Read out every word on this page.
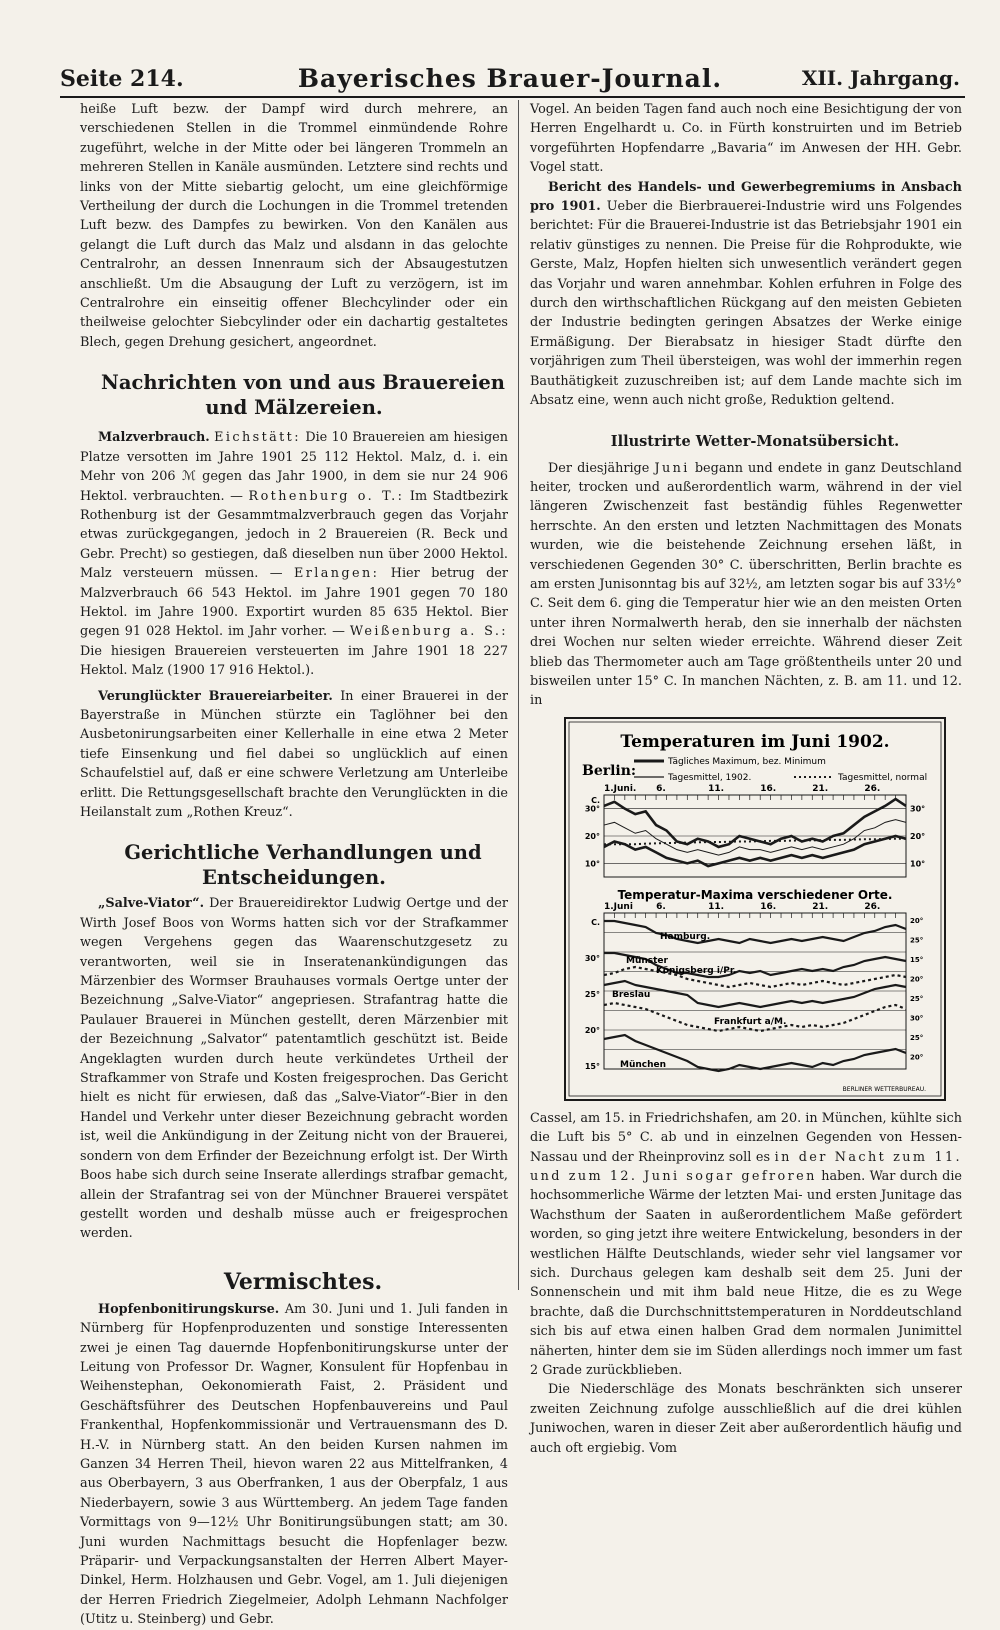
Seite 214.	Bayerisches Brauer-Journal.	XII. Jahrgang.

heiße Luft bezw. der Dampf wird durch mehrere, an verschiedenen Stellen in die Trommel einmündende Rohre zugeführt, welche in der Mitte oder bei längeren Trommeln an mehreren Stellen in Kanäle ausmünden. Letztere sind rechts und links von der Mitte siebartig gelocht, um eine gleichförmige Vertheilung der durch die Lochungen in die Trommel tretenden Luft bezw. des Dampfes zu bewirken. Von den Kanälen aus gelangt die Luft durch das Malz und alsdann in das gelochte Centralrohr, an dessen Innenraum sich der Absaugestutzen anschließt. Um die Absaugung der Luft zu verzögern, ist im Centralrohre ein einseitig offener Blechcylinder oder ein theilweise gelochter Siebcylinder oder ein dachartig gestaltetes Blech, gegen Drehung gesichert, angeordnet.

Nachrichten von und aus Brauereien und Mälzereien.

Malzverbrauch. Eichstätt: Die 10 Brauereien am hiesigen Platze versotten im Jahre 1901 25 112 Hektol. Malz, d. i. ein Mehr von 206 ℳ gegen das Jahr 1900, in dem sie nur 24 906 Hektol. verbrauchten. — Rothenburg o. T.: Im Stadtbezirk Rothenburg ist der Gesammtmalzverbrauch gegen das Vorjahr etwas zurückgegangen, jedoch in 2 Brauereien (R. Beck und Gebr. Precht) so gestiegen, daß dieselben nun über 2000 Hektol. Malz versteuern müssen. — Erlangen: Hier betrug der Malzverbrauch 66 543 Hektol. im Jahre 1901 gegen 70 180 Hektol. im Jahre 1900. Exportirt wurden 85 635 Hektol. Bier gegen 91 028 Hektol. im Jahr vorher. — Weißenburg a. S.: Die hiesigen Brauereien versteuerten im Jahre 1901 18 227 Hektol. Malz (1900 17 916 Hektol.).

Verunglückter Brauereiarbeiter. In einer Brauerei in der Bayerstraße in München stürzte ein Taglöhner bei den Ausbetonirungsarbeiten einer Kellerhalle in eine etwa 2 Meter tiefe Einsenkung und fiel dabei so unglücklich auf einen Schaufelstiel auf, daß er eine schwere Verletzung am Unterleibe erlitt. Die Rettungsgesellschaft brachte den Verunglückten in die Heilanstalt zum „Rothen Kreuz“.

Gerichtliche Verhandlungen und Entscheidungen.

„Salve-Viator“. Der Brauereidirektor Ludwig Oertge und der Wirth Josef Boos von Worms hatten sich vor der Strafkammer wegen Vergehens gegen das Waarenschutzgesetz zu verantworten, weil sie in Inseratenankündigungen das Märzenbier des Wormser Brauhauses vormals Oertge unter der Bezeichnung „Salve-Viator“ angepriesen. Strafantrag hatte die Paulauer Brauerei in München gestellt, deren Märzenbier mit der Bezeichnung „Salvator“ patentamtlich geschützt ist. Beide Angeklagten wurden durch heute verkündetes Urtheil der Strafkammer von Strafe und Kosten freigesprochen. Das Gericht hielt es nicht für erwiesen, daß das „Salve-Viator“-Bier in den Handel und Verkehr unter dieser Bezeichnung gebracht worden ist, weil die Ankündigung in der Zeitung nicht von der Brauerei, sondern von dem Erfinder der Bezeichnung erfolgt ist. Der Wirth Boos habe sich durch seine Inserate allerdings strafbar gemacht, allein der Strafantrag sei von der Münchner Brauerei verspätet gestellt worden und deshalb müsse auch er freigesprochen werden.

Vermischtes.

Hopfenbonitirungskurse. Am 30. Juni und 1. Juli fanden in Nürnberg für Hopfenproduzenten und sonstige Interessenten zwei je einen Tag dauernde Hopfenbonitirungskurse unter der Leitung von Professor Dr. Wagner, Konsulent für Hopfenbau in Weihenstephan, Oekonomierath Faist, 2. Präsident und Geschäftsführer des Deutschen Hopfenbauvereins und Paul Frankenthal, Hopfenkommissionär und Vertrauensmann des D. H.-V. in Nürnberg statt. An den beiden Kursen nahmen im Ganzen 34 Herren Theil, hievon waren 22 aus Mittelfranken, 4 aus Oberbayern, 3 aus Oberfranken, 1 aus der Oberpfalz, 1 aus Niederbayern, sowie 3 aus Württemberg. An jedem Tage fanden Vormittags von 9—12½ Uhr Bonitirungsübungen statt; am 30. Juni wurden Nachmittags besucht die Hopfenlager bezw. Präparir- und Verpackungsanstalten der Herren Albert Mayer-Dinkel, Herm. Holzhausen und Gebr. Vogel, am 1. Juli diejenigen der Herren Friedrich Ziegelmeier, Adolph Lehmann Nachfolger (Utitz u. Steinberg) und Gebr.

Vogel. An beiden Tagen fand auch noch eine Besichtigung der von Herren Engelhardt u. Co. in Fürth konstruirten und im Betrieb vorgeführten Hopfendarre „Bavaria“ im Anwesen der HH. Gebr. Vogel statt.

Bericht des Handels- und Gewerbegremiums in Ansbach pro 1901. Ueber die Bierbrauerei-Industrie wird uns Folgendes berichtet: Für die Brauerei-Industrie ist das Betriebsjahr 1901 ein relativ günstiges zu nennen. Die Preise für die Rohprodukte, wie Gerste, Malz, Hopfen hielten sich unwesentlich verändert gegen das Vorjahr und waren annehmbar. Kohlen erfuhren in Folge des durch den wirthschaftlichen Rückgang auf den meisten Gebieten der Industrie bedingten geringen Absatzes der Werke einige Ermäßigung. Der Bierabsatz in hiesiger Stadt dürfte den vorjährigen zum Theil übersteigen, was wohl der immerhin regen Bauthätigkeit zuzuschreiben ist; auf dem Lande machte sich im Absatz eine, wenn auch nicht große, Reduktion geltend.

Illustrirte Wetter-Monatsübersicht.

Der diesjährige Juni begann und endete in ganz Deutschland heiter, trocken und außerordentlich warm, während in der viel längeren Zwischenzeit fast beständig fühles Regenwetter herrschte. An den ersten und letzten Nachmittagen des Monats wurden, wie die beistehende Zeichnung ersehen läßt, in verschiedenen Gegenden 30° C. überschritten, Berlin brachte es am ersten Junisonntag bis auf 32½, am letzten sogar bis auf 33½° C. Seit dem 6. ging die Temperatur hier wie an den meisten Orten unter ihren Normalwerth herab, den sie innerhalb der nächsten drei Wochen nur selten wieder erreichte. Während dieser Zeit blieb das Thermometer auch am Tage größtentheils unter 20 und bisweilen unter 15° C. In manchen Nächten, z. B. am 11. und 12. in

Temperaturen im Juni 1902.
Berlin:
Tägliches Maximum, bez. Minimum
Tagesmittel, 1902.	Tagesmittel, normal
1.Juni. 6.	11.	16.	21.	26.
C.
30°
20°
10°
30°
20°
10°
Temperatur-Maxima verschiedener Orte.
1.Juni	6.	11.	16.	21.	26.
C.
30°
25°
20°
15°
20°
25°
15°
20°
25°
30°
25°
20°
Hamburg.
Münster
Königsberg i/Pr.
Breslau
München
Frankfurt a/M.
BERLINER WETTERBUREAU.

Cassel, am 15. in Friedrichshafen, am 20. in München, kühlte sich die Luft bis 5° C. ab und in einzelnen Gegenden von Hessen-Nassau und der Rheinprovinz soll es in der Nacht zum 11. und zum 12. Juni sogar gefroren haben. War durch die hochsommerliche Wärme der letzten Mai- und ersten Junitage das Wachsthum der Saaten in außerordentlichem Maße gefördert worden, so ging jetzt ihre weitere Entwickelung, besonders in der westlichen Hälfte Deutschlands, wieder sehr viel langsamer vor sich. Durchaus gelegen kam deshalb seit dem 25. Juni der Sonnenschein und mit ihm bald neue Hitze, die es zu Wege brachte, daß die Durchschnittstemperaturen in Norddeutschland sich bis auf etwa einen halben Grad dem normalen Junimittel näherten, hinter dem sie im Süden allerdings noch immer um fast 2 Grade zurückblieben.

Die Niederschläge des Monats beschränkten sich unserer zweiten Zeichnung zufolge ausschließlich auf die drei kühlen Juniwochen, waren in dieser Zeit aber außerordentlich häufig und auch oft ergiebig. Vom
